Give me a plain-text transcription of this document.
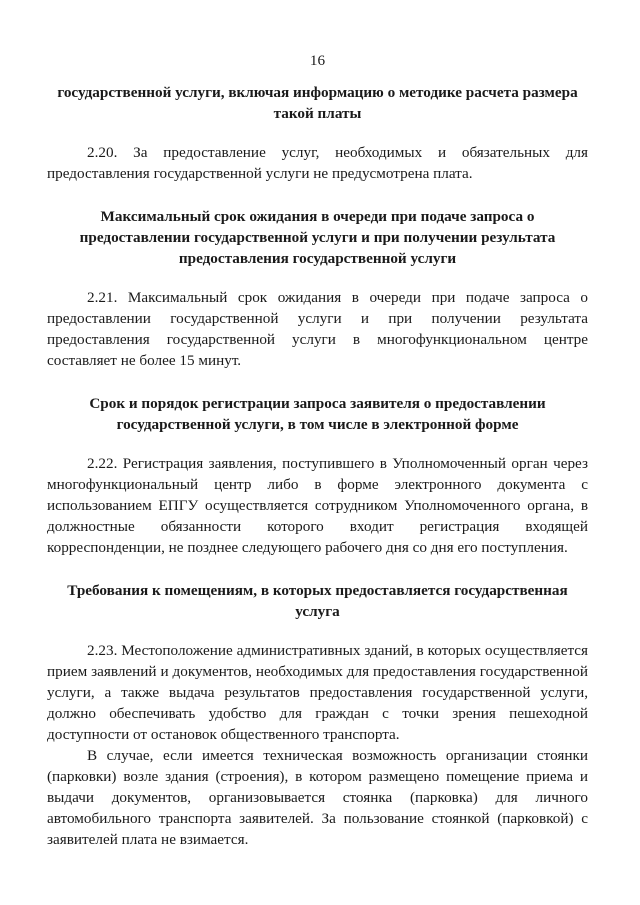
16

государственной услуги, включая информацию о методике расчета размера такой платы

2.20. За предоставление услуг, необходимых и обязательных для предоставления государственной услуги не предусмотрена плата.

Максимальный срок ожидания в очереди при подаче запроса о предоставлении государственной услуги и при получении результата предоставления государственной услуги

2.21. Максимальный срок ожидания в очереди при подаче запроса о предоставлении государственной услуги и при получении результата предоставления государственной услуги в многофункциональном центре составляет не более 15 минут.

Срок и порядок регистрации запроса заявителя о предоставлении государственной услуги, в том числе в электронной форме

2.22. Регистрация заявления, поступившего в Уполномоченный орган через многофункциональный центр либо в форме электронного документа с использованием ЕПГУ осуществляется сотрудником Уполномоченного органа, в должностные обязанности которого входит регистрация входящей корреспонденции, не позднее следующего рабочего дня со дня его поступления.

Требования к помещениям, в которых предоставляется государственная услуга

2.23. Местоположение административных зданий, в которых осуществляется прием заявлений и документов, необходимых для предоставления государственной услуги, а также выдача результатов предоставления государственной услуги, должно обеспечивать удобство для граждан с точки зрения пешеходной доступности от остановок общественного транспорта.

В случае, если имеется техническая возможность организации стоянки (парковки) возле здания (строения), в котором размещено помещение приема и выдачи документов, организовывается стоянка (парковка) для личного автомобильного транспорта заявителей. За пользование стоянкой (парковкой) с заявителей плата не взимается.
